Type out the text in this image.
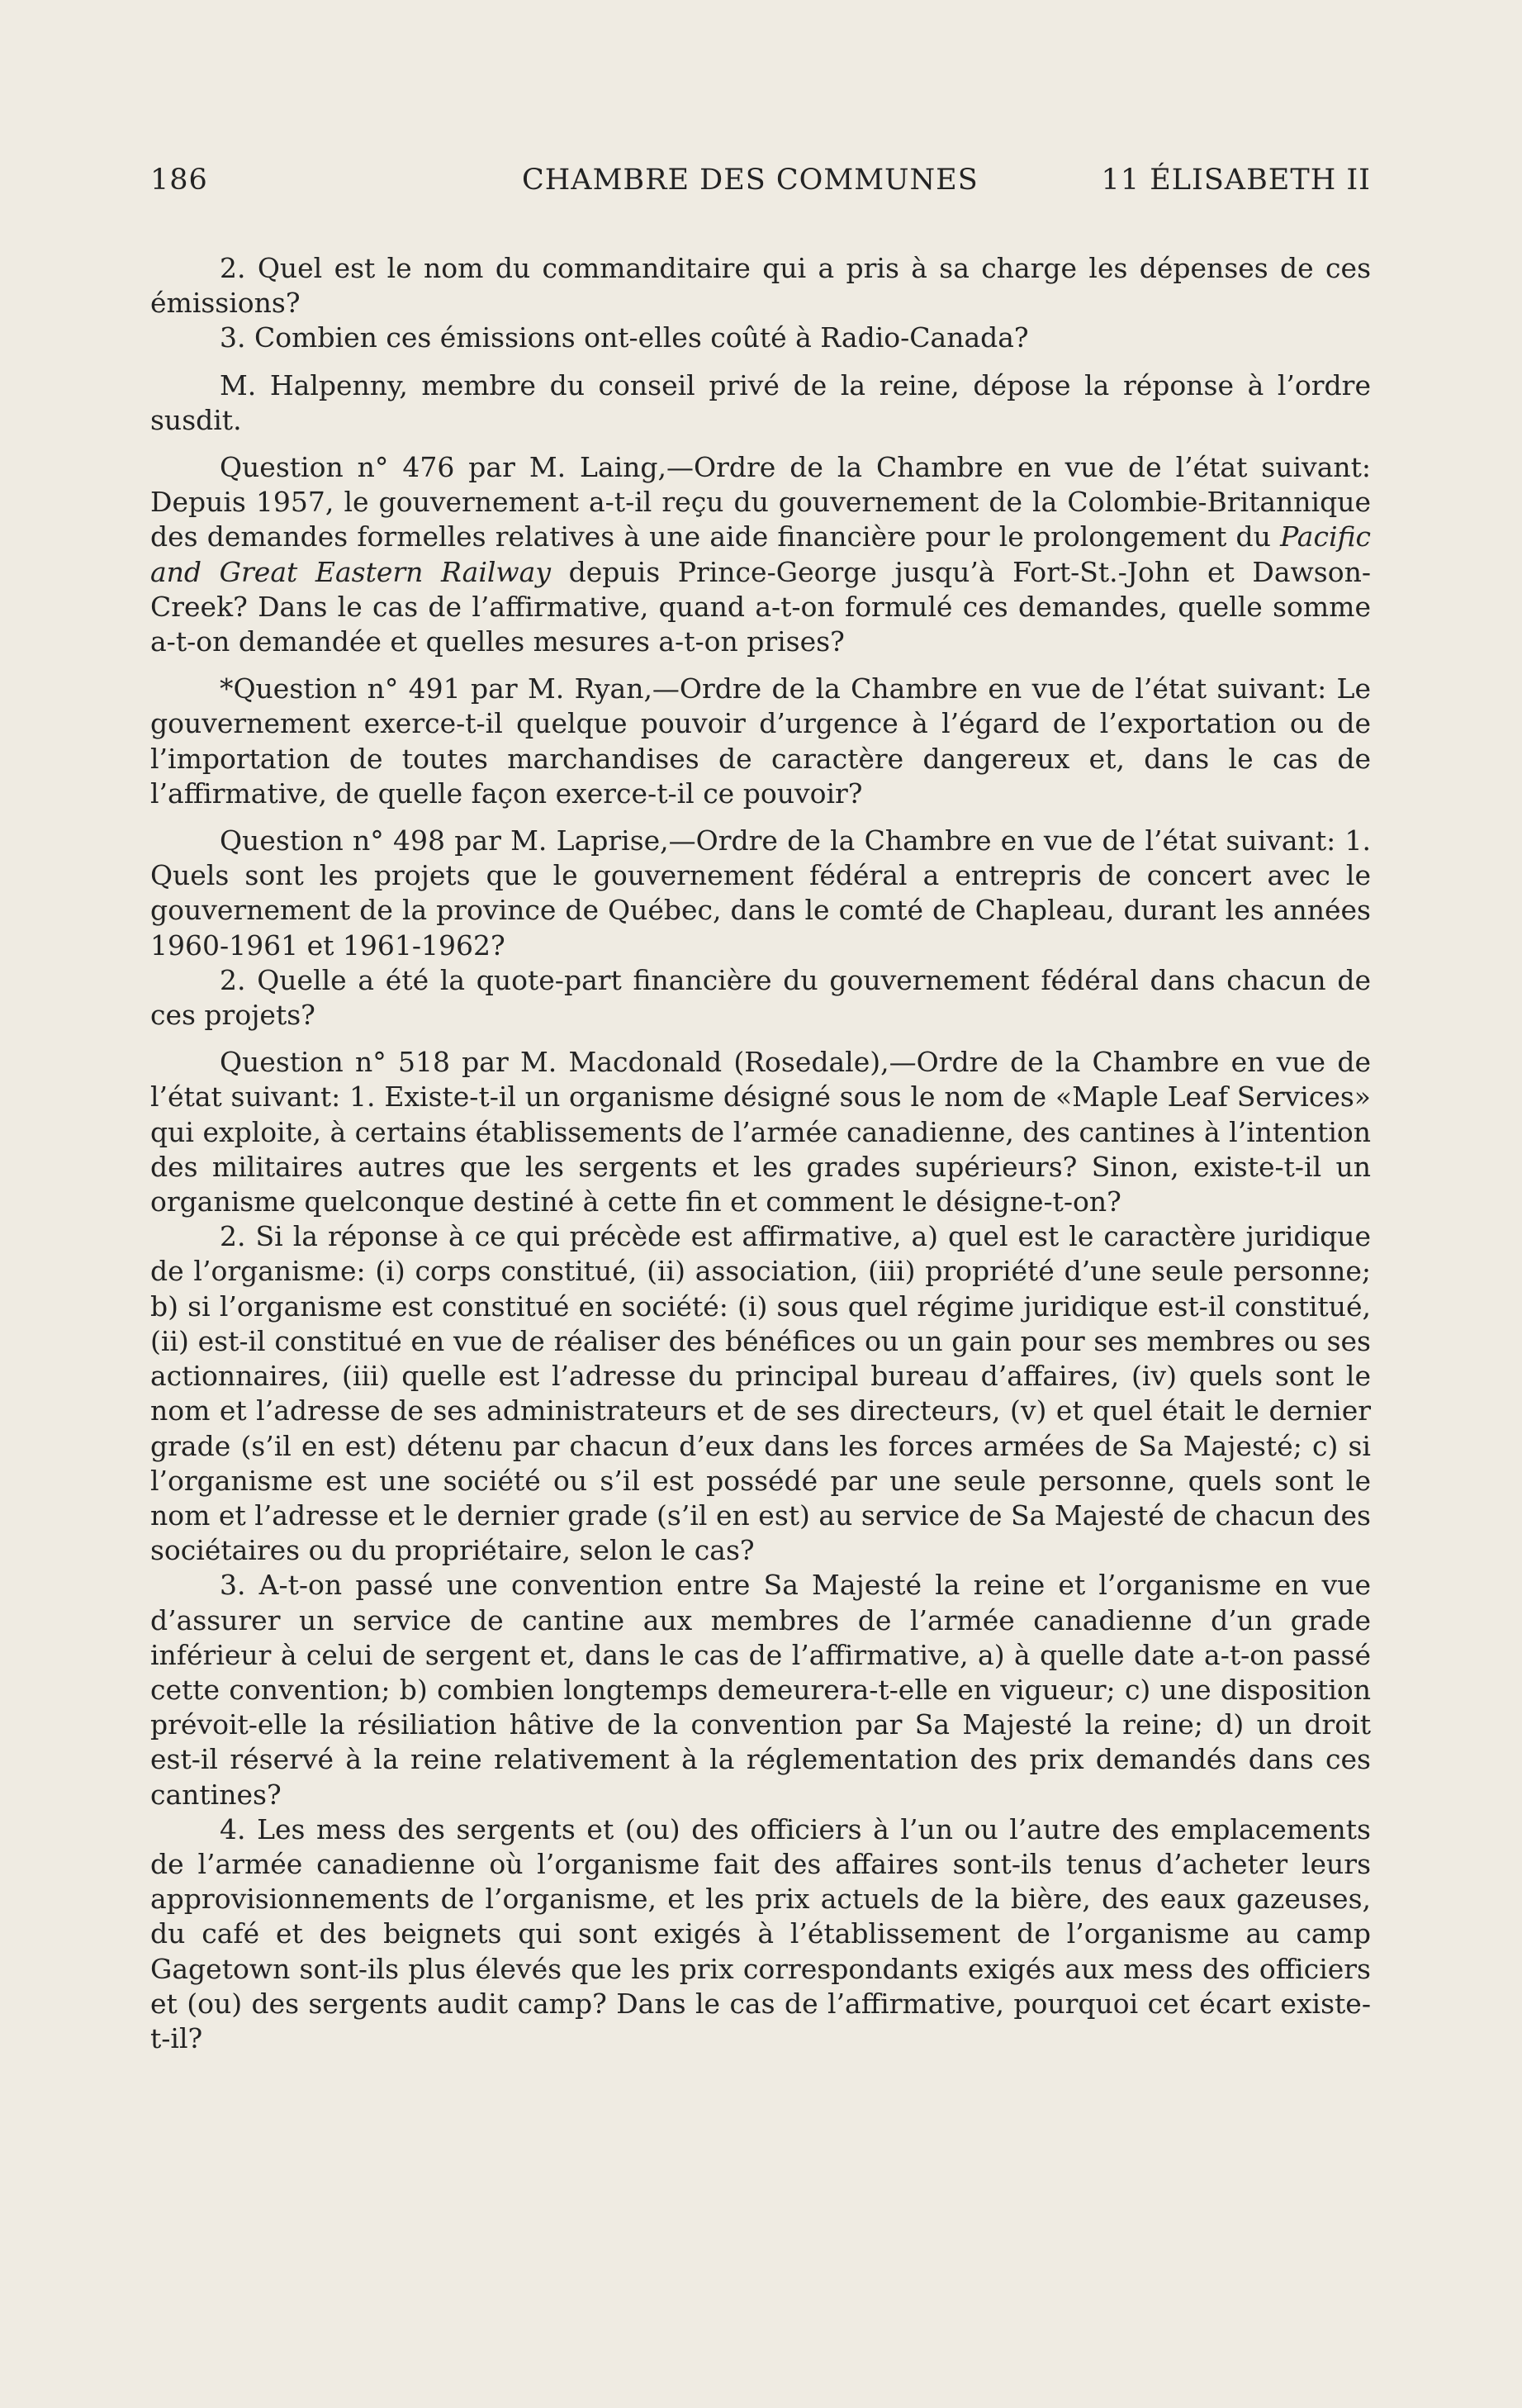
186	CHAMBRE DES COMMUNES	11 ÉLISABETH II

2. Quel est le nom du commanditaire qui a pris à sa charge les dépenses de ces émissions?

3. Combien ces émissions ont-elles coûté à Radio-Canada?

M. Halpenny, membre du conseil privé de la reine, dépose la réponse à l’ordre susdit.

Question n° 476 par M. Laing,—Ordre de la Chambre en vue de l’état suivant: Depuis 1957, le gouvernement a-t-il reçu du gouvernement de la Colombie-Britannique des demandes formelles relatives à une aide financière pour le prolongement du Pacific and Great Eastern Railway depuis Prince-George jusqu’à Fort-St.-John et Dawson-Creek? Dans le cas de l’affirmative, quand a-t-on formulé ces demandes, quelle somme a-t-on demandée et quelles mesures a-t-on prises?

*Question n° 491 par M. Ryan,—Ordre de la Chambre en vue de l’état suivant: Le gouvernement exerce-t-il quelque pouvoir d’urgence à l’égard de l’exportation ou de l’importation de toutes marchandises de caractère dangereux et, dans le cas de l’affirmative, de quelle façon exerce-t-il ce pouvoir?

Question n° 498 par M. Laprise,—Ordre de la Chambre en vue de l’état suivant: 1. Quels sont les projets que le gouvernement fédéral a entrepris de concert avec le gouvernement de la province de Québec, dans le comté de Chapleau, durant les années 1960-1961 et 1961-1962?

2. Quelle a été la quote-part financière du gouvernement fédéral dans chacun de ces projets?

Question n° 518 par M. Macdonald (Rosedale),—Ordre de la Chambre en vue de l’état suivant: 1. Existe-t-il un organisme désigné sous le nom de «Maple Leaf Services» qui exploite, à certains établissements de l’armée canadienne, des cantines à l’intention des militaires autres que les sergents et les grades supérieurs? Sinon, existe-t-il un organisme quelconque destiné à cette fin et comment le désigne-t-on?

2. Si la réponse à ce qui précède est affirmative, a) quel est le caractère juridique de l’organisme: (i) corps constitué, (ii) association, (iii) propriété d’une seule personne; b) si l’organisme est constitué en société: (i) sous quel régime juridique est-il constitué, (ii) est-il constitué en vue de réaliser des bénéfices ou un gain pour ses membres ou ses actionnaires, (iii) quelle est l’adresse du principal bureau d’affaires, (iv) quels sont le nom et l’adresse de ses administrateurs et de ses directeurs, (v) et quel était le dernier grade (s’il en est) détenu par chacun d’eux dans les forces armées de Sa Majesté; c) si l’organisme est une société ou s’il est possédé par une seule personne, quels sont le nom et l’adresse et le dernier grade (s’il en est) au service de Sa Majesté de chacun des sociétaires ou du propriétaire, selon le cas?

3. A-t-on passé une convention entre Sa Majesté la reine et l’organisme en vue d’assurer un service de cantine aux membres de l’armée canadienne d’un grade inférieur à celui de sergent et, dans le cas de l’affirmative, a) à quelle date a-t-on passé cette convention; b) combien longtemps demeurera-t-elle en vigueur; c) une disposition prévoit-elle la résiliation hâtive de la convention par Sa Majesté la reine; d) un droit est-il réservé à la reine relativement à la réglementation des prix demandés dans ces cantines?

4. Les mess des sergents et (ou) des officiers à l’un ou l’autre des emplacements de l’armée canadienne où l’organisme fait des affaires sont-ils tenus d’acheter leurs approvisionnements de l’organisme, et les prix actuels de la bière, des eaux gazeuses, du café et des beignets qui sont exigés à l’établissement de l’organisme au camp Gagetown sont-ils plus élevés que les prix correspondants exigés aux mess des officiers et (ou) des sergents audit camp? Dans le cas de l’affirmative, pourquoi cet écart existe-t-il?
